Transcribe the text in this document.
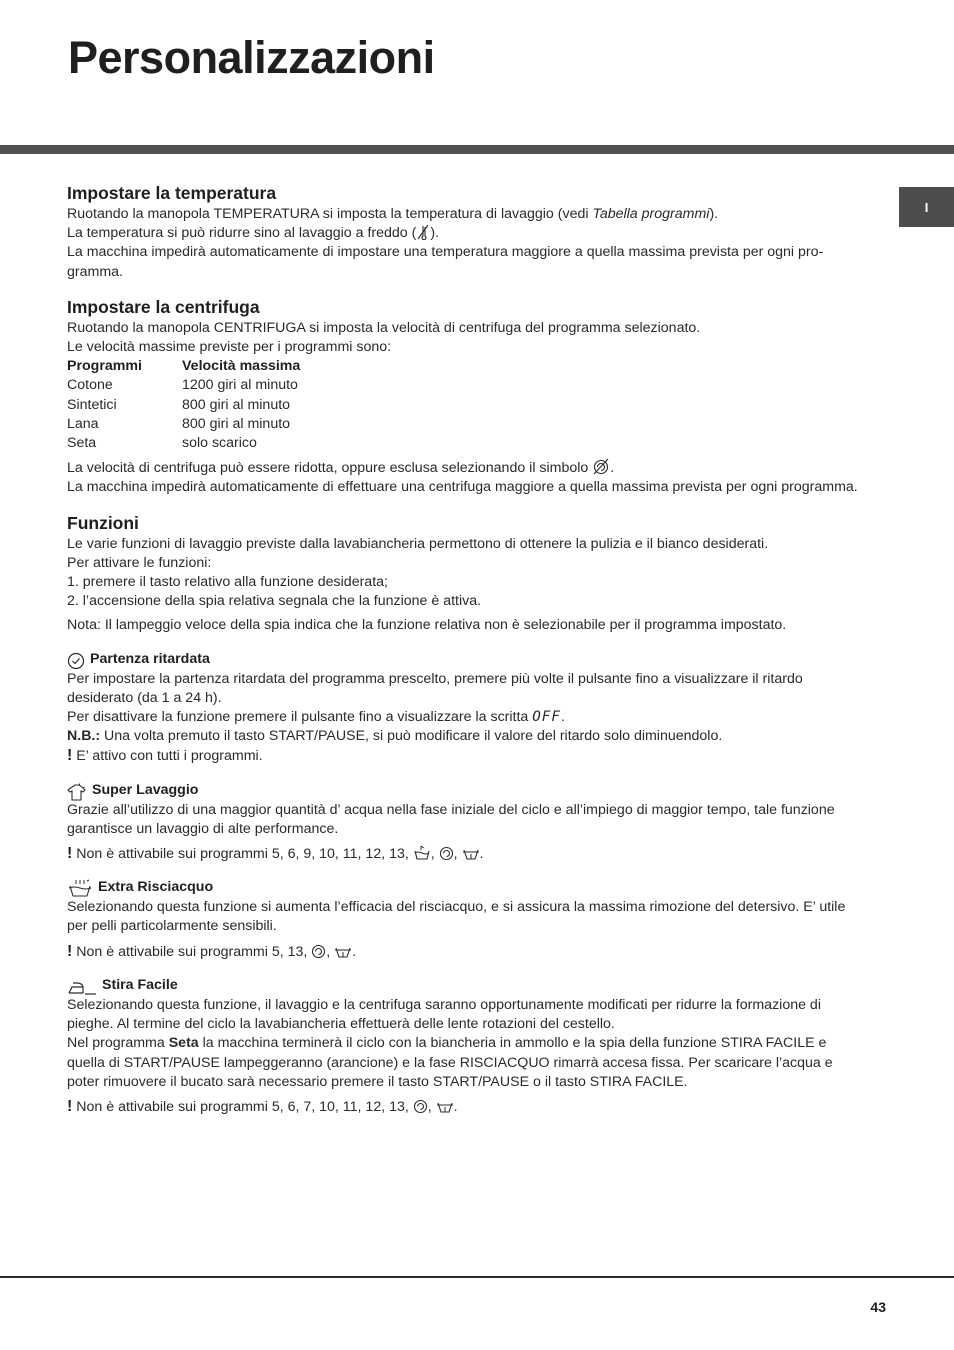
Personalizzazioni
I
Impostare la temperatura

Ruotando la manopola TEMPERATURA si imposta la temperatura di lavaggio (vedi Tabella programmi).

La temperatura si può ridurre sino al lavaggio a freddo ( ).

La macchina impedirà automaticamente di impostare una temperatura maggiore a quella massima prevista per ogni pro-

gramma.

Impostare la centrifuga

Ruotando la manopola CENTRIFUGA si imposta la velocità di centrifuga del programma selezionato.

Le velocità massime previste per i programmi sono:

Programmi	Velocità massima
Cotone	1200 giri al minuto
Sintetici	800 giri al minuto
Lana	800 giri al minuto
Seta	solo scarico

La velocità di centrifuga può essere ridotta, oppure esclusa selezionando il simbolo .

La macchina impedirà automaticamente di effettuare una centrifuga maggiore a quella massima prevista per ogni programma.

Funzioni

Le varie funzioni di lavaggio previste dalla lavabiancheria permettono di ottenere la pulizia e il bianco desiderati.

Per attivare le funzioni:

1. premere il tasto relativo alla funzione desiderata;

2. l’accensione della spia relativa segnala che la funzione è attiva.

Nota: Il lampeggio veloce della spia indica che la funzione relativa non è selezionabile per il programma impostato.

Partenza ritardata

Per impostare la partenza ritardata del programma prescelto, premere più volte il pulsante fino a visualizzare il ritardo

desiderato (da 1 a 24 h).

Per disattivare la funzione premere il pulsante fino a visualizzare la scritta OFF.

N.B.: Una volta premuto il tasto START/PAUSE, si può modificare il valore del ritardo solo diminuendolo.

! E’ attivo con tutti i programmi.

Super Lavaggio

Grazie all’utilizzo di una maggior quantità d’ acqua nella fase iniziale del ciclo e all’impiego di maggior tempo, tale funzione

garantisce un lavaggio di alte performance.

! Non è attivabile sui programmi 5, 6, 9, 10, 11, 12, 13, , , .

Extra Risciacquo

Selezionando questa funzione si aumenta l’efficacia del risciacquo, e si assicura la massima rimozione del detersivo. E’ utile

per pelli particolarmente sensibili.

! Non è attivabile sui programmi 5, 13, , .

Stira Facile

Selezionando questa funzione, il lavaggio e la centrifuga saranno opportunamente modificati per ridurre la formazione di

pieghe. Al termine del ciclo la lavabiancheria effettuerà delle lente rotazioni del cestello.

Nel programma Seta la macchina terminerà il ciclo con la biancheria in ammollo e la spia della funzione STIRA FACILE e

quella di START/PAUSE lampeggeranno (arancione) e la fase RISCIACQUO rimarrà accesa fissa. Per scaricare l’acqua e

poter rimuovere il bucato sarà necessario premere il tasto START/PAUSE o il tasto STIRA FACILE.

! Non è attivabile sui programmi 5, 6, 7, 10, 11, 12, 13, , .

43
